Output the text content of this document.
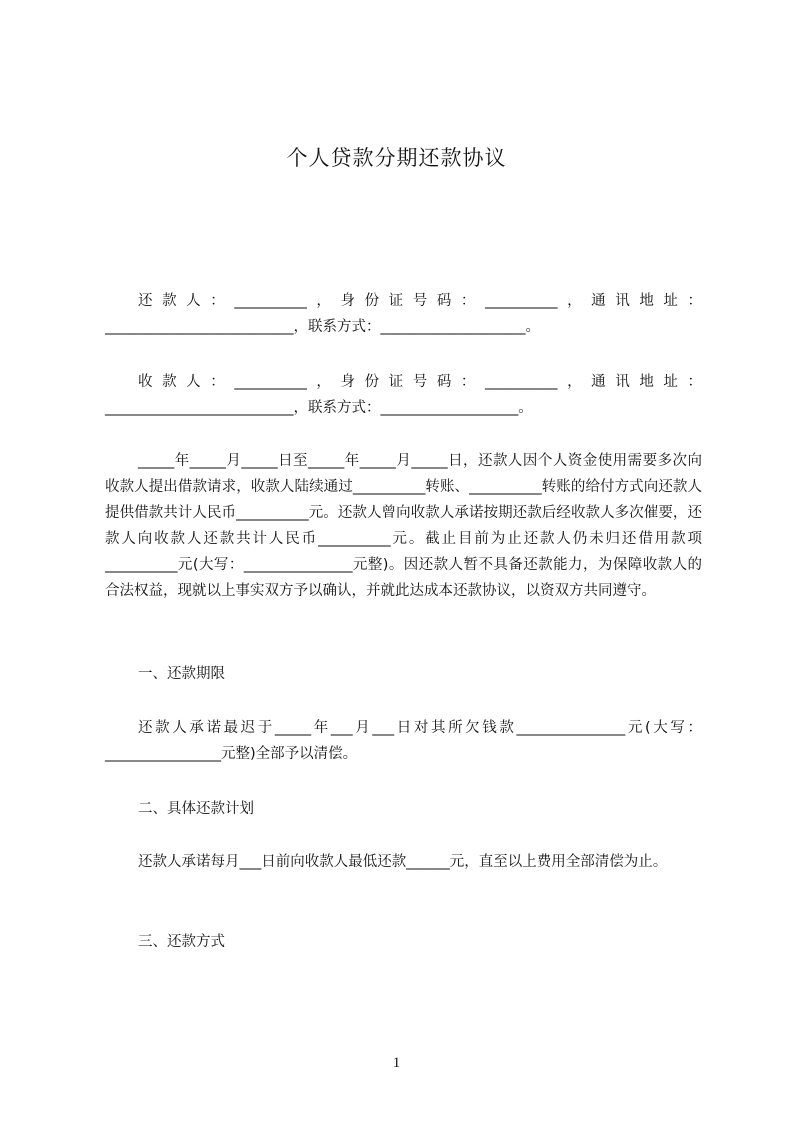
个人贷款分期还款协议

还款人：__________，身份证号码：__________，通讯地址：__________________________，联系方式：____________________。

收款人：__________，身份证号码：__________，通讯地址：__________________________，联系方式：___________________。

_____年_____月_____日至_____年_____月_____日，还款人因个人资金使用需要多次向收款人提出借款请求，收款人陆续通过__________转账、__________转账的给付方式向还款人提供借款共计人民币__________元。还款人曾向收款人承诺按期还款后经收款人多次催要，还款人向收款人还款共计人民币__________元。截止目前为止还款人仍未归还借用款项__________元(大写：_______________元整)。因还款人暂不具备还款能力，为保障收款人的合法权益，现就以上事实双方予以确认，并就此达成本还款协议，以资双方共同遵守。

一、还款期限

还款人承诺最迟于_____年___月___日对其所欠钱款_______________元(大写：________________元整)全部予以清偿。

二、具体还款计划

还款人承诺每月___日前向收款人最低还款______元，直至以上费用全部清偿为止。

三、还款方式
1
